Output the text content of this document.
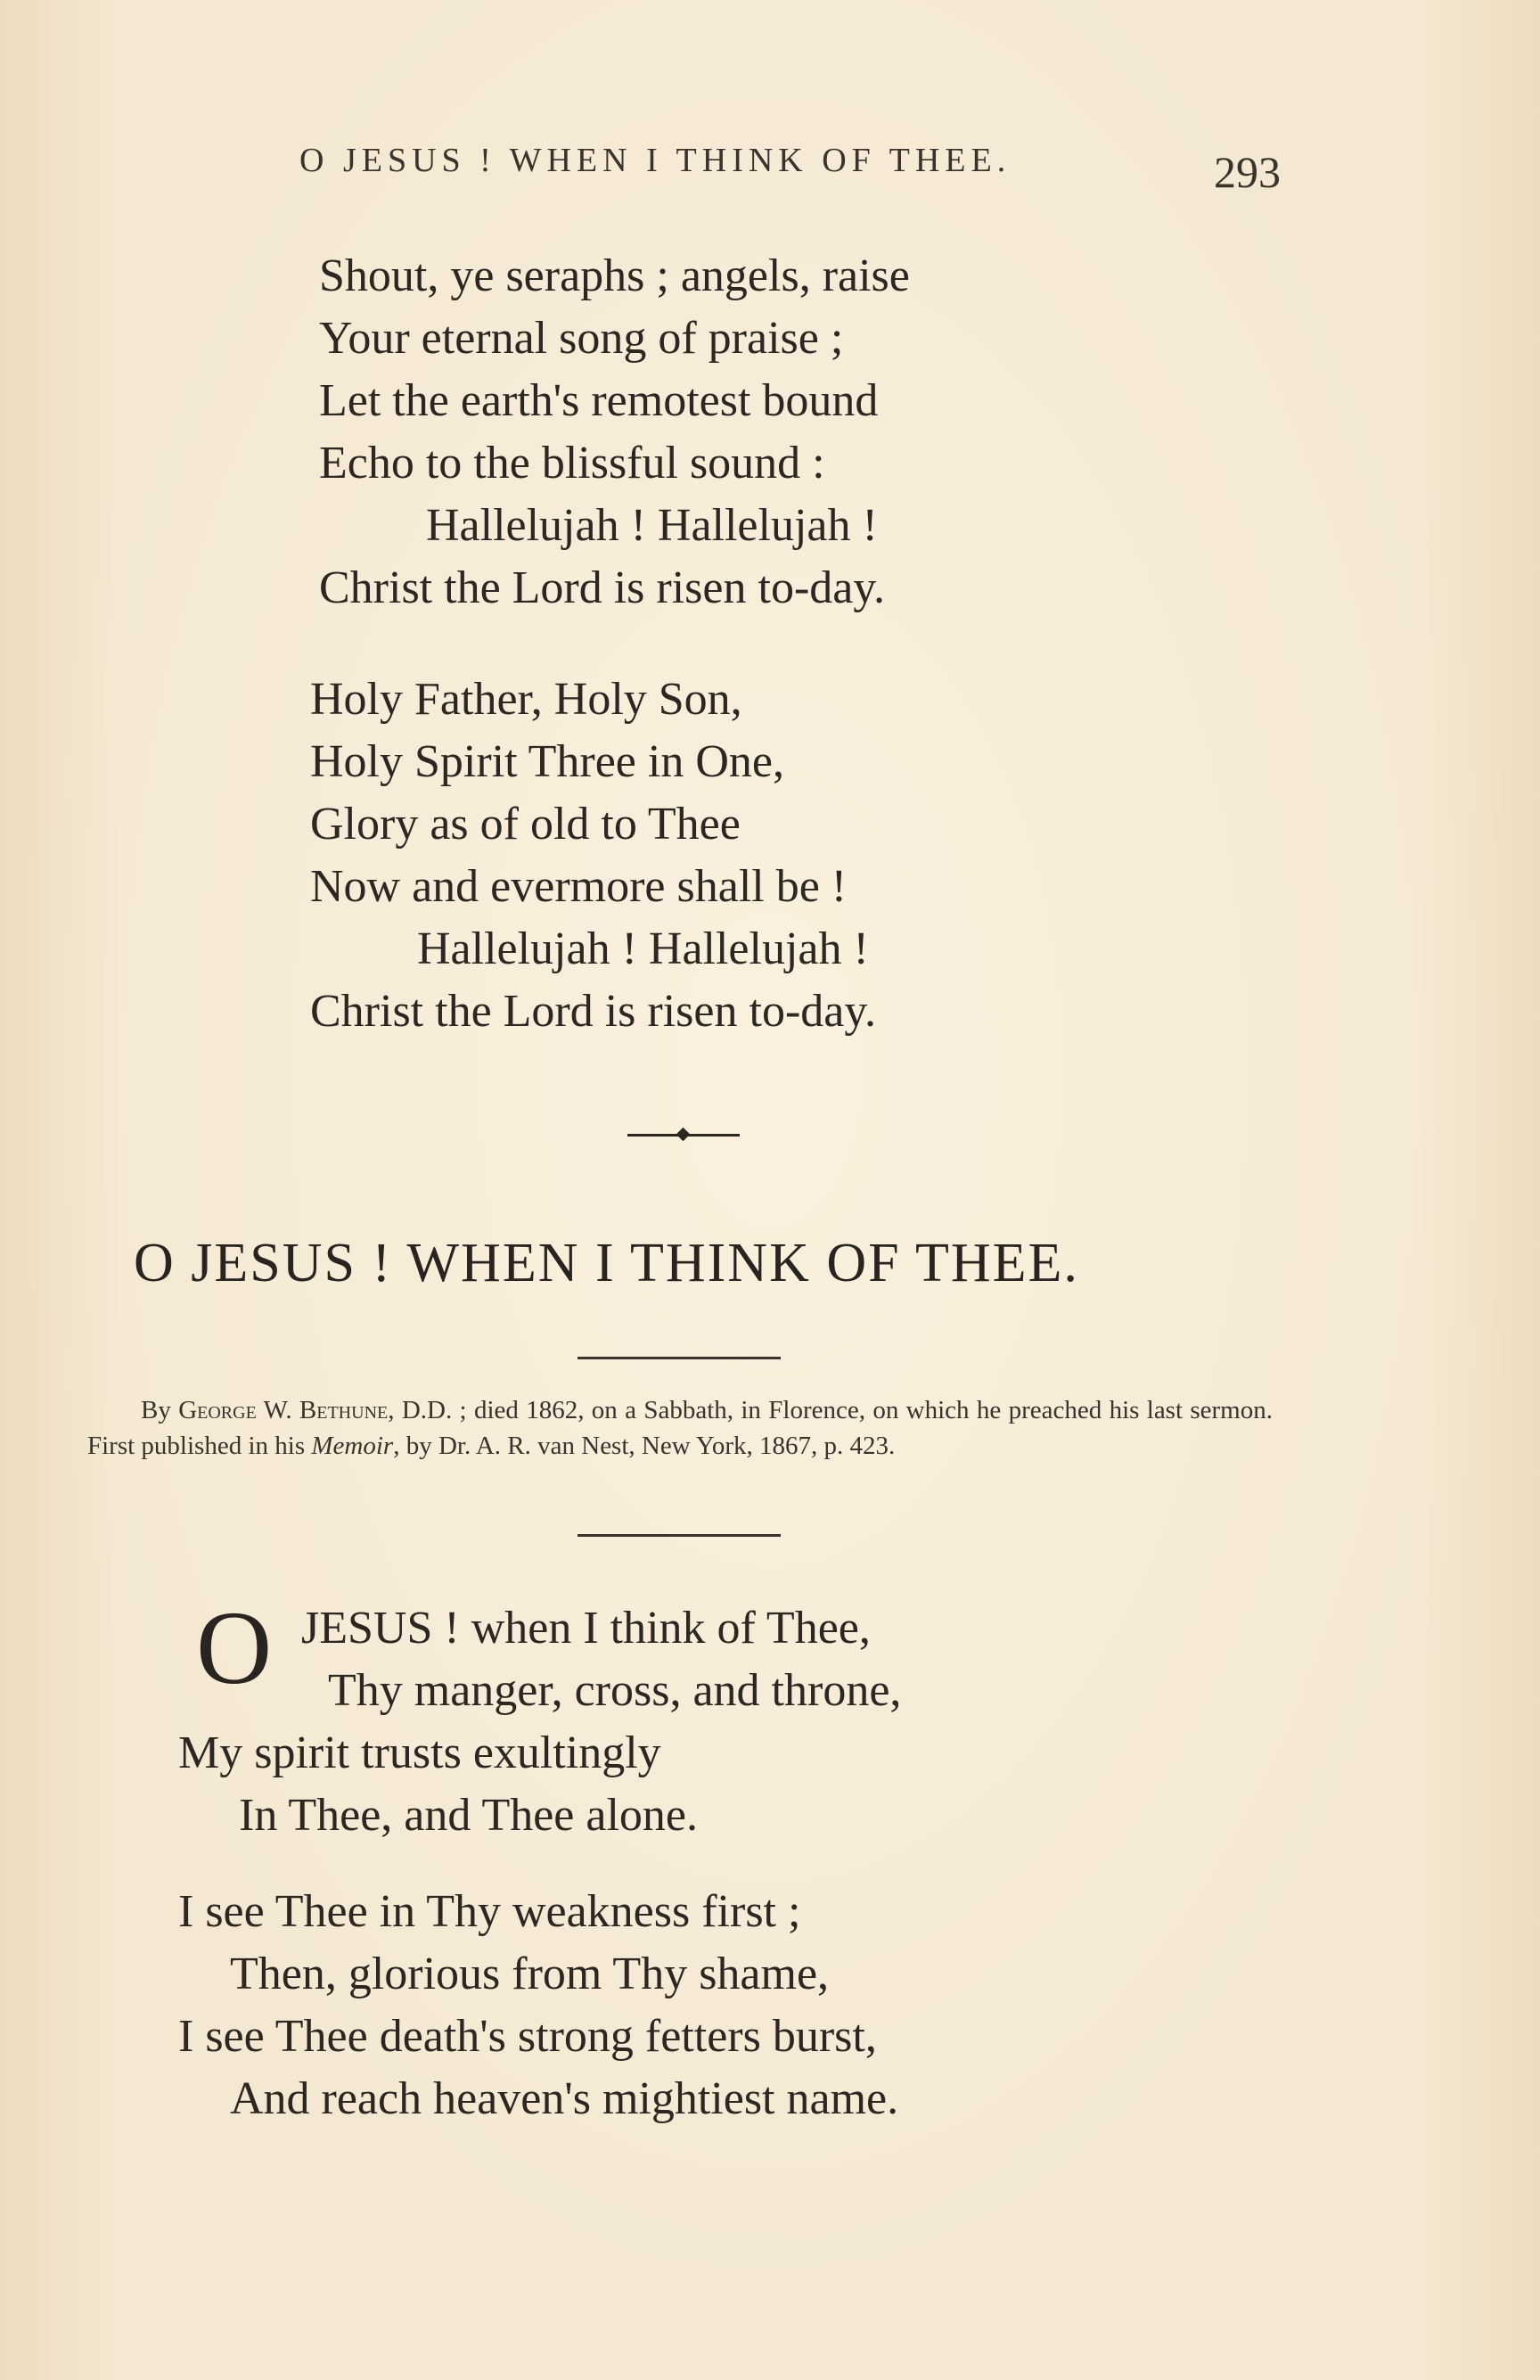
O JESUS ! WHEN I THINK OF THEE.	293
Shout, ye seraphs ; angels, raise
Your eternal song of praise ;
Let the earth's remotest bound
Echo to the blissful sound :
Hallelujah ! Hallelujah !
Christ the Lord is risen to-day.
Holy Father, Holy Son,
Holy Spirit Three in One,
Glory as of old to Thee
Now and evermore shall be !
Hallelujah ! Hallelujah !
Christ the Lord is risen to-day.
O JESUS ! WHEN I THINK OF THEE.
By George W. Bethune, D.D. ; died 1862, on a Sabbath, in Florence, on which he preached his last sermon. First published in his Memoir, by Dr. A. R. van Nest, New York, 1867, p. 423.
O JESUS ! when I think of Thee,
Thy manger, cross, and throne,
My spirit trusts exultingly
In Thee, and Thee alone.
I see Thee in Thy weakness first ;
Then, glorious from Thy shame,
I see Thee death's strong fetters burst,
And reach heaven's mightiest name.
